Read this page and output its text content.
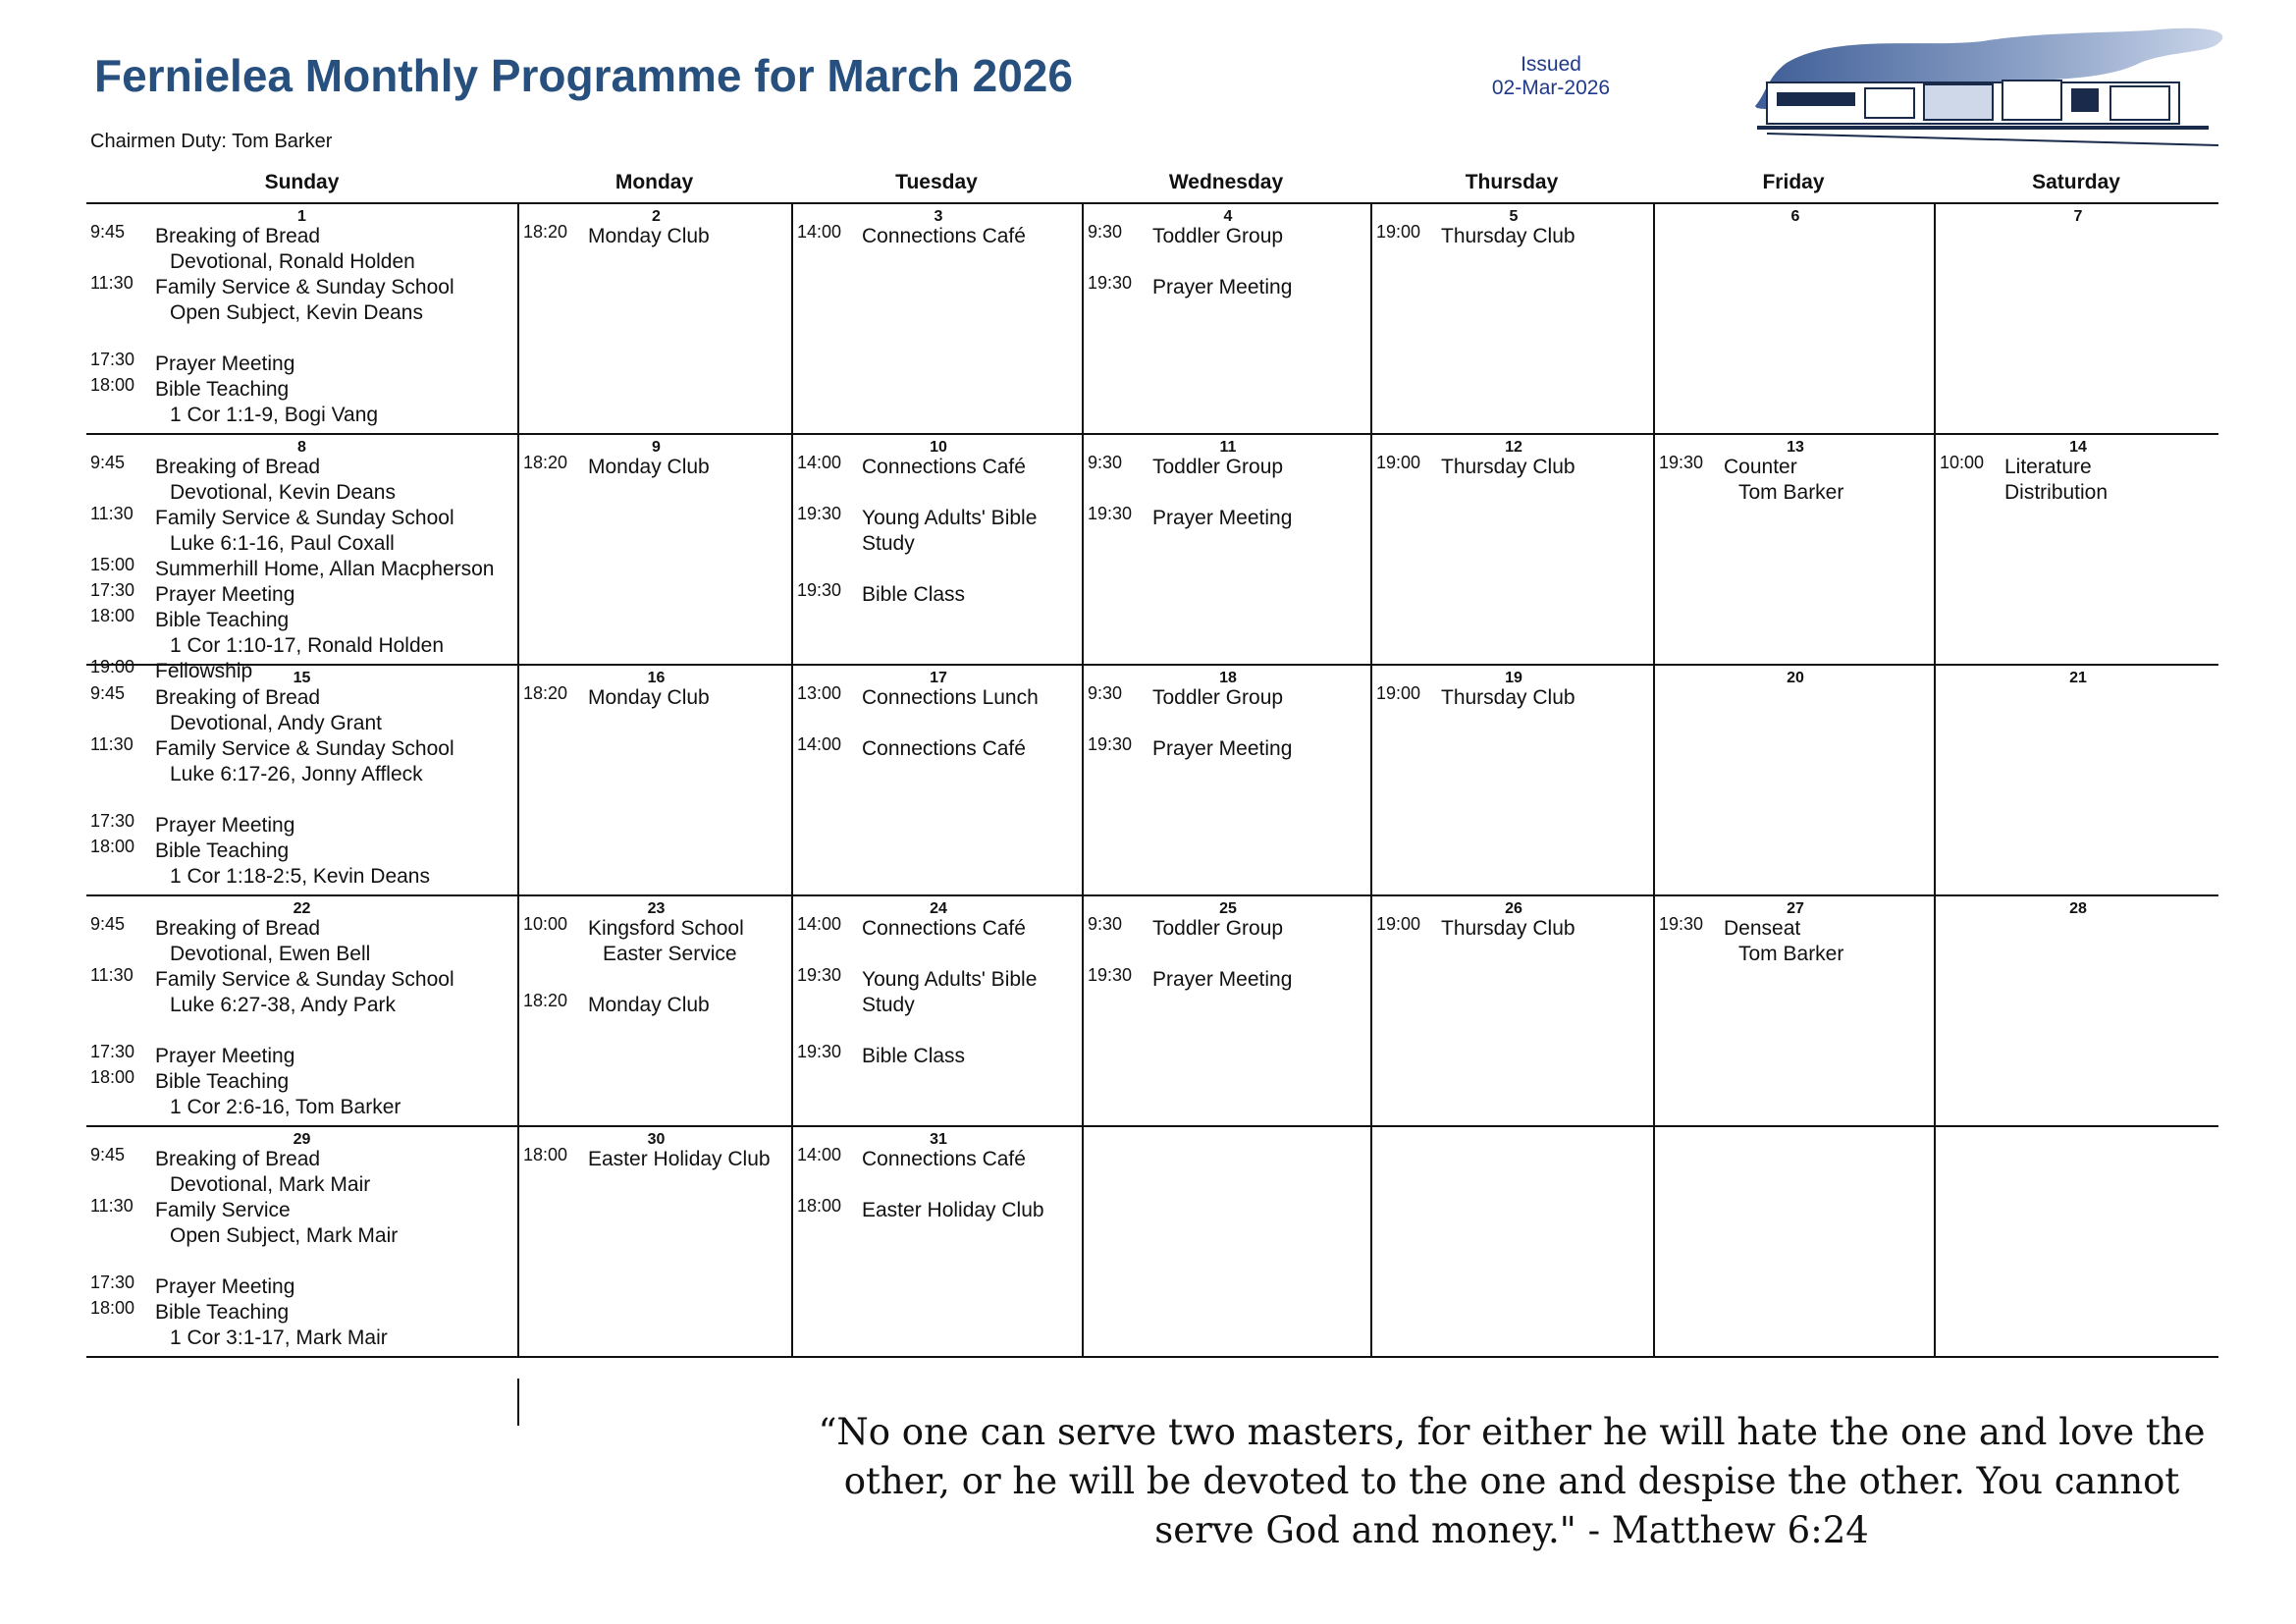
Fernielea Monthly Programme for March 2026	Issued
02-Mar-2026
Chairmen Duty: Tom Barker
Sunday	Monday	Tuesday	Wednesday	Thursday	Friday	Saturday
1
9:45 Breaking of Bread
Devotional, Ronald Holden
11:30 Family Service & Sunday School
Open Subject, Kevin Deans
17:30 Prayer Meeting
18:00 Bible Teaching
1 Cor 1:1-9, Bogi Vang
2
18:20 Monday Club
3
14:00 Connections Café
4
9:30 Toddler Group
19:30 Prayer Meeting
5
19:00 Thursday Club
6	7
8
9:45 Breaking of Bread
Devotional, Kevin Deans
11:30 Family Service & Sunday School
Luke 6:1-16, Paul Coxall
15:00 Summerhill Home, Allan Macpherson
17:30 Prayer Meeting
18:00 Bible Teaching
1 Cor 1:10-17, Ronald Holden
19:00 Fellowship
9
18:20 Monday Club
10
14:00 Connections Café
19:30 Young Adults' Bible Study
19:30 Bible Class
11
9:30 Toddler Group
19:30 Prayer Meeting
12
19:00 Thursday Club
13
19:30 Counter
Tom Barker
14
10:00 Literature Distribution
15
9:45 Breaking of Bread
Devotional, Andy Grant
11:30 Family Service & Sunday School
Luke 6:17-26, Jonny Affleck
17:30 Prayer Meeting
18:00 Bible Teaching
1 Cor 1:18-2:5, Kevin Deans
16
18:20 Monday Club
17
13:00 Connections Lunch
14:00 Connections Café
18
9:30 Toddler Group
19:30 Prayer Meeting
19
19:00 Thursday Club
20	21
22
9:45 Breaking of Bread
Devotional, Ewen Bell
11:30 Family Service & Sunday School
Luke 6:27-38, Andy Park
17:30 Prayer Meeting
18:00 Bible Teaching
1 Cor 2:6-16, Tom Barker
23
10:00 Kingsford School
Easter Service
18:20 Monday Club
24
14:00 Connections Café
19:30 Young Adults' Bible Study
19:30 Bible Class
25
9:30 Toddler Group
19:30 Prayer Meeting
26
19:00 Thursday Club
27
19:30 Denseat
Tom Barker
28
29
9:45 Breaking of Bread
Devotional, Mark Mair
11:30 Family Service
Open Subject, Mark Mair
17:30 Prayer Meeting
18:00 Bible Teaching
1 Cor 3:1-17, Mark Mair
30
18:00 Easter Holiday Club
31
14:00 Connections Café
18:00 Easter Holiday Club
“No one can serve two masters, for either he will hate the one and love the other, or he will be devoted to the one and despise the other. You cannot serve God and money." - Matthew 6:24
